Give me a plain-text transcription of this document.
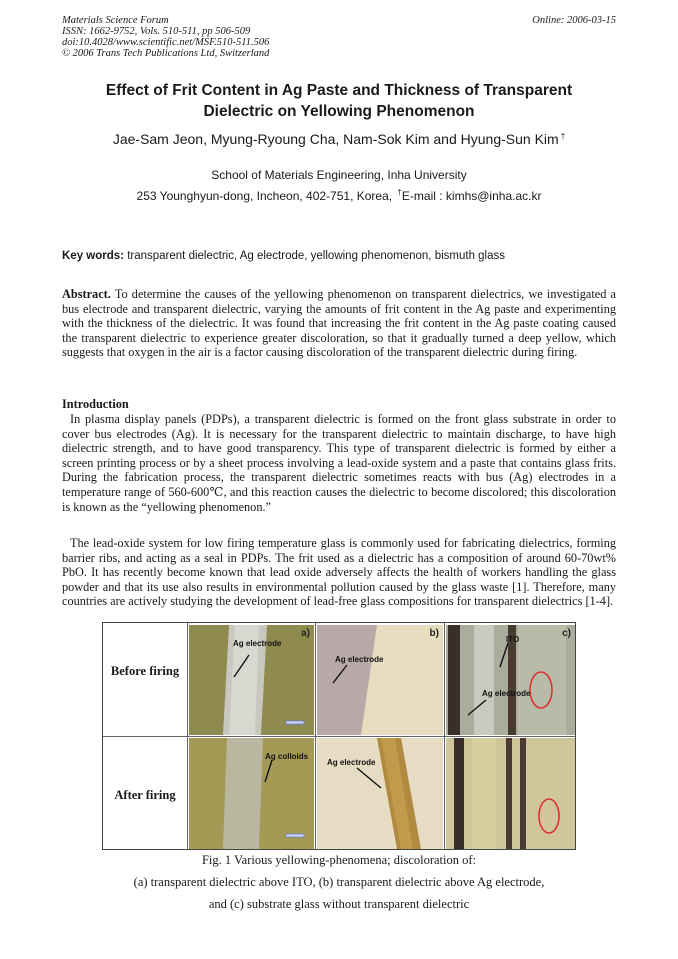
Materials Science Forum
ISSN: 1662-9752, Vols. 510-511, pp 506-509
doi:10.4028/www.scientific.net/MSF.510-511.506
© 2006 Trans Tech Publications Ltd, Switzerland
Online: 2006-03-15
Effect of Frit Content in Ag Paste and Thickness of Transparent
Dielectric on Yellowing Phenomenon
Jae-Sam Jeon, Myung-Ryoung Cha, Nam-Sok Kim and Hyung-Sun Kim †
School of Materials Engineering, Inha University
253 Younghyun-dong, Incheon, 402-751, Korea, †E-mail : kimhs@inha.ac.kr
Key words: transparent dielectric, Ag electrode, yellowing phenomenon, bismuth glass
Abstract. To determine the causes of the yellowing phenomenon on transparent dielectrics, we investigated a bus electrode and transparent dielectric, varying the amounts of frit content in the Ag paste and experimenting with the thickness of the dielectric. It was found that increasing the frit content in the Ag paste coating caused the transparent dielectric to experience greater discoloration, so that it gradually turned a deep yellow, which suggests that oxygen in the air is a factor causing discoloration of the transparent dielectric during firing.
Introduction
In plasma display panels (PDPs), a transparent dielectric is formed on the front glass substrate in order to cover bus electrodes (Ag). It is necessary for the transparent dielectric to maintain discharge, to have high dielectric strength, and to have good transparency. This type of transparent dielectric is formed by either a screen printing process or by a sheet process involving a lead-oxide system and a paste that contains glass frits. During the fabrication process, the transparent dielectric sometimes reacts with bus (Ag) electrodes in a temperature range of 560-600℃, and this reaction causes the dielectric to become discolored; this discoloration is known as the “yellowing phenomenon.”
The lead-oxide system for low firing temperature glass is commonly used for fabricating dielectrics, forming barrier ribs, and acting as a seal in PDPs. The frit used as a dielectric has a composition of around 60-70wt% PbO. It has recently become known that lead oxide adversely affects the health of workers handling the glass powder and that its use also results in environmental pollution caused by the glass waste [1]. Therefore, many countries are actively studying the development of lead-free glass compositions for transparent dielectrics [1-4].
Before firing
After firing
Ag electrode
a)
Ag electrode
b)
ITO
Ag electrode
c)
Ag colloids
Ag electrode
Fig. 1 Various yellowing-phenomena; discoloration of:
(a) transparent dielectric above ITO, (b) transparent dielectric above Ag electrode,
and (c) substrate glass without transparent dielectric
